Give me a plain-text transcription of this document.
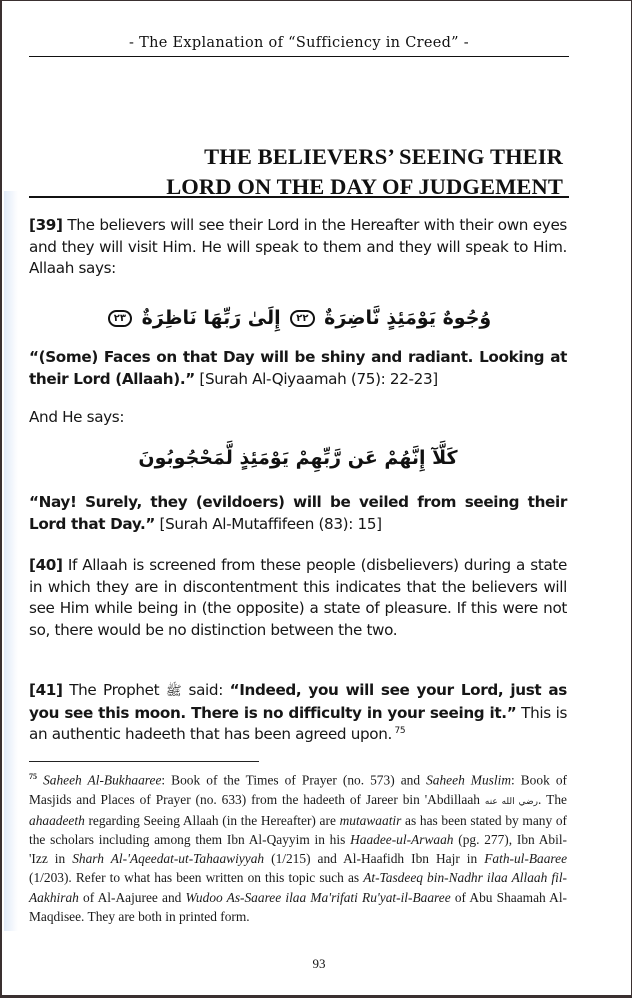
- The Explanation of “Sufficiency in Creed” -
THE BELIEVERS’ SEEING THEIR
LORD ON THE DAY OF JUDGEMENT
[39] The believers will see their Lord in the Hereafter with their own eyes and they will visit Him. He will speak to them and they will speak to Him. Allaah says:
وُجُوهٌ يَوْمَئِذٍ نَّاضِرَةٌ ٢٢ إِلَىٰ رَبِّهَا نَاظِرَةٌ ٢٣
“(Some) Faces on that Day will be shiny and radiant. Looking at their Lord (Allaah).” [Surah Al-Qiyaamah (75): 22-23]
And He says:
كَلَّآ إِنَّهُمْ عَن رَّبِّهِمْ يَوْمَئِذٍ لَّمَحْجُوبُونَ
“Nay! Surely, they (evildoers) will be veiled from seeing their Lord that Day.” [Surah Al-Mutaffifeen (83): 15]
[40] If Allaah is screened from these people (disbelievers) during a state in which they are in discontentment this indicates that the believers will see Him while being in (the opposite) a state of pleasure. If this were not so, there would be no distinction between the two.
[41] The Prophet ﷺ said: “Indeed, you will see your Lord, just as you see this moon. There is no difficulty in your seeing it.” This is an authentic hadeeth that has been agreed upon. $^{75}$
$^{75}$ Saheeh Al-Bukhaaree: Book of the Times of Prayer (no. 573) and Saheeh Muslim: Book of Masjids and Places of Prayer (no. 633) from the hadeeth of Jareer bin 'Abdillaah رضي الله عنه. The ahaadeeth regarding Seeing Allaah (in the Hereafter) are mutawaatir as has been stated by many of the scholars including among them Ibn Al-Qayyim in his Haadee-ul-Arwaah (pg. 277), Ibn Abil-'Izz in Sharh Al-'Aqeedat-ut-Tahaawiyyah (1/215) and Al-Haafidh Ibn Hajr in Fath-ul-Baaree (1/203). Refer to what has been written on this topic such as At-Tasdeeq bin-Nadhr ilaa Allaah fil-Aakhirah of Al-Aajuree and Wudoo As-Saaree ilaa Ma'rifati Ru'yat-il-Baaree of Abu Shaamah Al-Maqdisee. They are both in printed form.
93
